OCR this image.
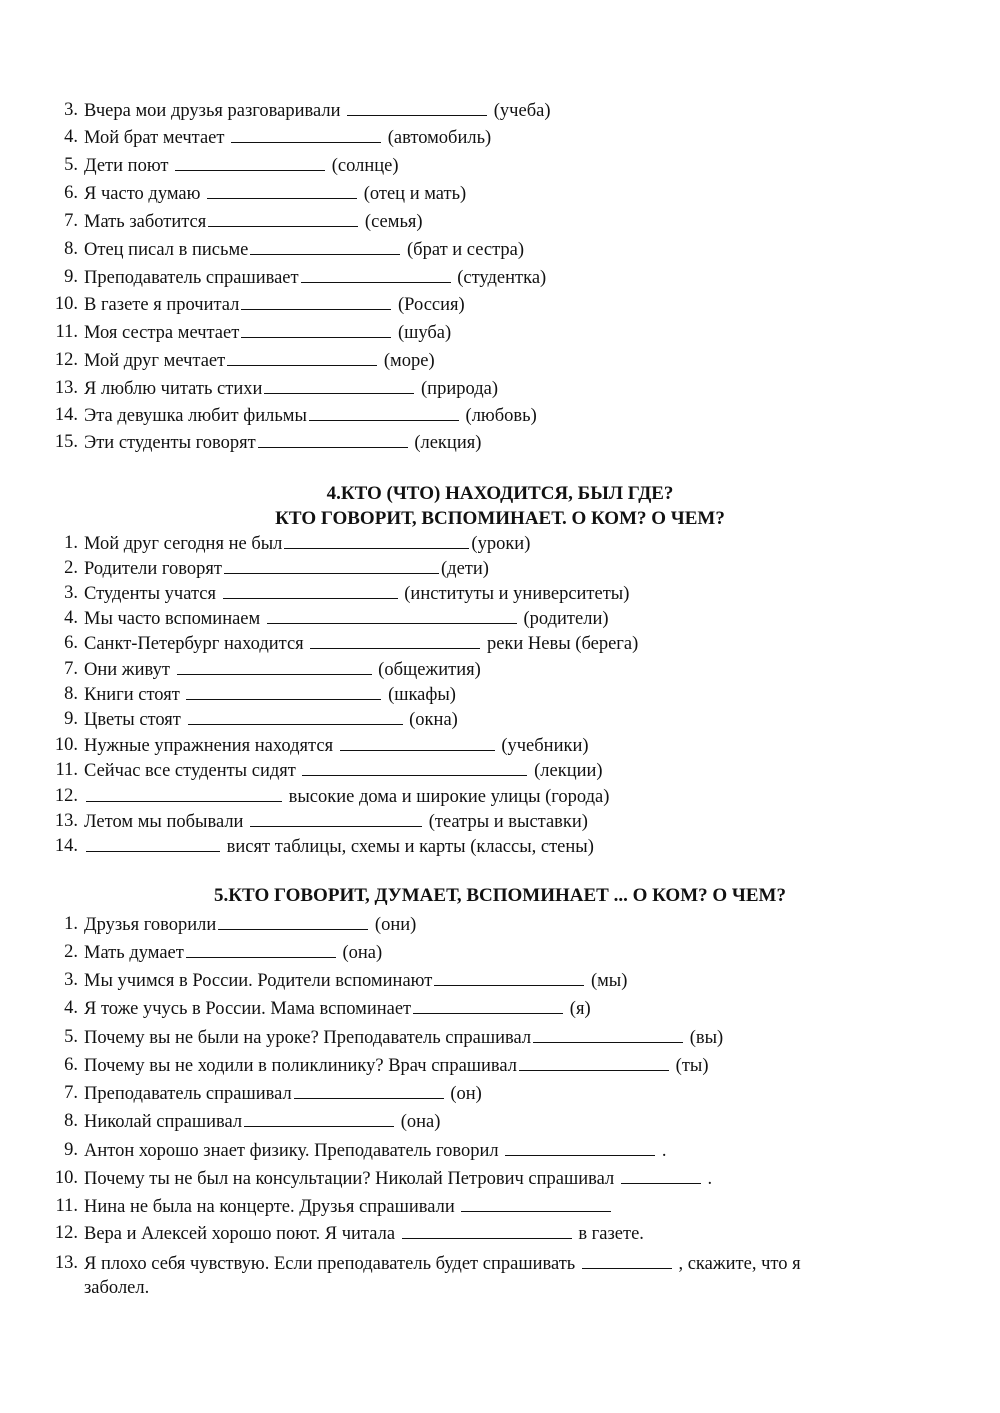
3. Вчера мои друзья разговаривали	(учеба)
4. Мой брат мечтает	(автомобиль)
5. Дети поют	(солнце)
6. Я часто думаю	(отец и мать)
7. Мать заботится	(семья)
8. Отец писал в письме	(брат и сестра)
9. Преподаватель спрашивает	(студентка)
10. В газете я прочитал	(Россия)
11. Моя сестра мечтает	(шуба)
12. Мой друг мечтает	(море)
13. Я люблю читать стихи	(природа)
14. Эта девушка любит фильмы	(любовь)
15. Эти студенты говорят	(лекция)
4.КТО (ЧТО) НАХОДИТСЯ, БЫЛ ГДЕ?
КТО ГОВОРИТ, ВСПОМИНАЕТ. О КОМ? О ЧЕМ?
1. Мой друг сегодня не был	(уроки)
2. Родители говорят	(дети)
3. Студенты учатся	(институты и университеты)
4. Мы часто вспоминаем	(родители)
6. Санкт-Петербург находится	реки Невы (берега)
7. Они живут	(общежития)
8. Книги стоят	(шкафы)
9. Цветы стоят	(окна)
10. Нужные упражнения находятся	(учебники)
11. Сейчас все студенты сидят	(лекции)
12.	высокие дома и широкие улицы (города)
13. Летом мы побывали	(театры и выставки)
14.	висят таблицы, схемы и карты (классы, стены)
5.КТО ГОВОРИТ, ДУМАЕТ, ВСПОМИНАЕТ ... О КОМ? О ЧЕМ?
1. Друзья говорили	(они)
2. Мать думает	(она)
3. Мы учимся в России. Родители вспоминают	(мы)
4. Я тоже учусь в России. Мама вспоминает	(я)
5. Почему вы не были на уроке? Преподаватель спрашивал	(вы)
6. Почему вы не ходили в поликлинику? Врач спрашивал	(ты)
7. Преподаватель спрашивал	(он)
8. Николай спрашивал	(она)
9. Антон хорошо знает физику. Преподаватель говорил	.
10. Почему ты не был на консультации? Николай Петрович спрашивал	.
11. Нина не была на концерте. Друзья спрашивали
12. Вера и Алексей хорошо поют. Я читала	в газете.
13. Я плохо себя чувствую. Если преподаватель будет спрашивать	, скажите, что я
заболел.
